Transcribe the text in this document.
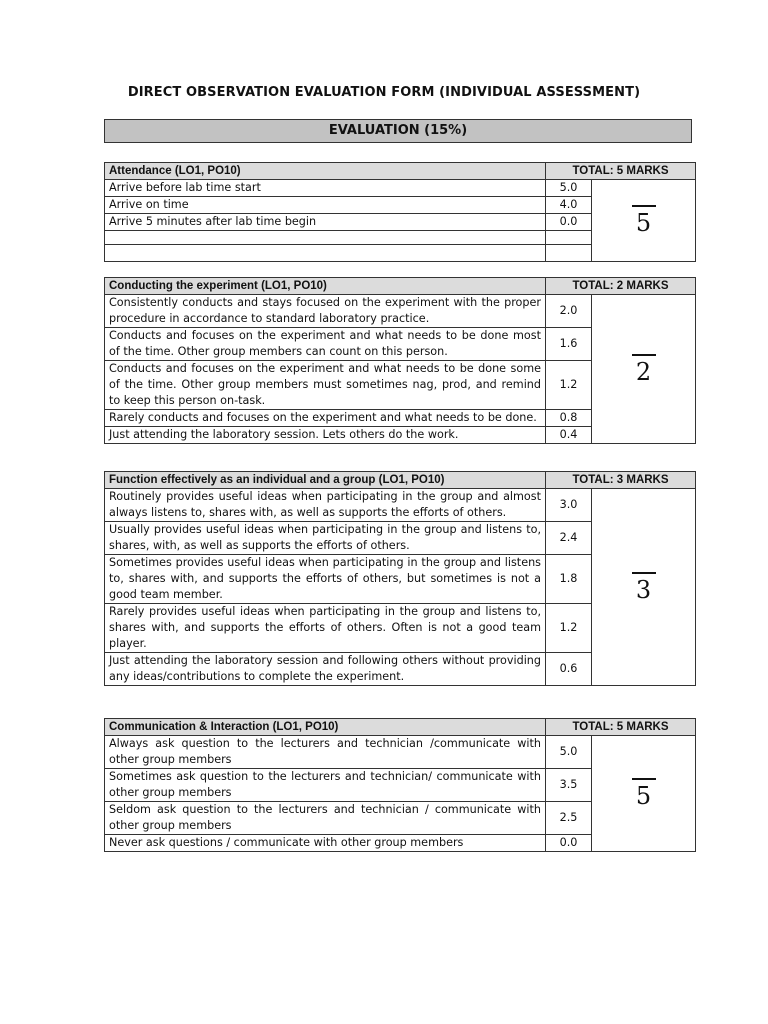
DIRECT OBSERVATION EVALUATION FORM (INDIVIDUAL ASSESSMENT)
EVALUATION (15%)
Attendance (LO1, PO10)	TOTAL: 5 MARKS	
Arrive before lab time start	5.0	5

Arrive on time	4.0	
Arrive 5 minutes after lab time begin	0.0	

Conducting the experiment (LO1, PO10)	TOTAL: 2 MARKS	
Consistently conducts and stays focused on the experiment with the proper procedure in accordance to standard laboratory practice.	2.0	2

Conducts and focuses on the experiment and what needs to be done most of the time. Other group members can count on this person.	1.6	
Conducts and focuses on the experiment and what needs to be done some of the time. Other group members must sometimes nag, prod, and remind to keep this person on-task.	1.2	
Rarely conducts and focuses on the experiment and what needs to be done.	0.8	
Just attending the laboratory session. Lets others do the work.	0.4	
Function effectively as an individual and a group (LO1, PO10)	TOTAL: 3 MARKS	
Routinely provides useful ideas when participating in the group and almost always listens to, shares with, as well as supports the efforts of others.	3.0	3

Usually provides useful ideas when participating in the group and listens to, shares, with, as well as supports the efforts of others.	2.4	
Sometimes provides useful ideas when participating in the group and listens to, shares with, and supports the efforts of others, but sometimes is not a good team member.	1.8	
Rarely provides useful ideas when participating in the group and listens to, shares with, and supports the efforts of others. Often is not a good team player.	1.2	
Just attending the laboratory session and following others without providing any ideas/contributions to complete the experiment.	0.6	
Communication & Interaction (LO1, PO10)	TOTAL: 5 MARKS	
Always ask question to the lecturers and technician /communicate with other group members	5.0	5

Sometimes ask question to the lecturers and technician/ communicate with other group members	3.5	
Seldom ask question to the lecturers and technician / communicate with other group members	2.5	
Never ask questions / communicate with other group members	0.0	
